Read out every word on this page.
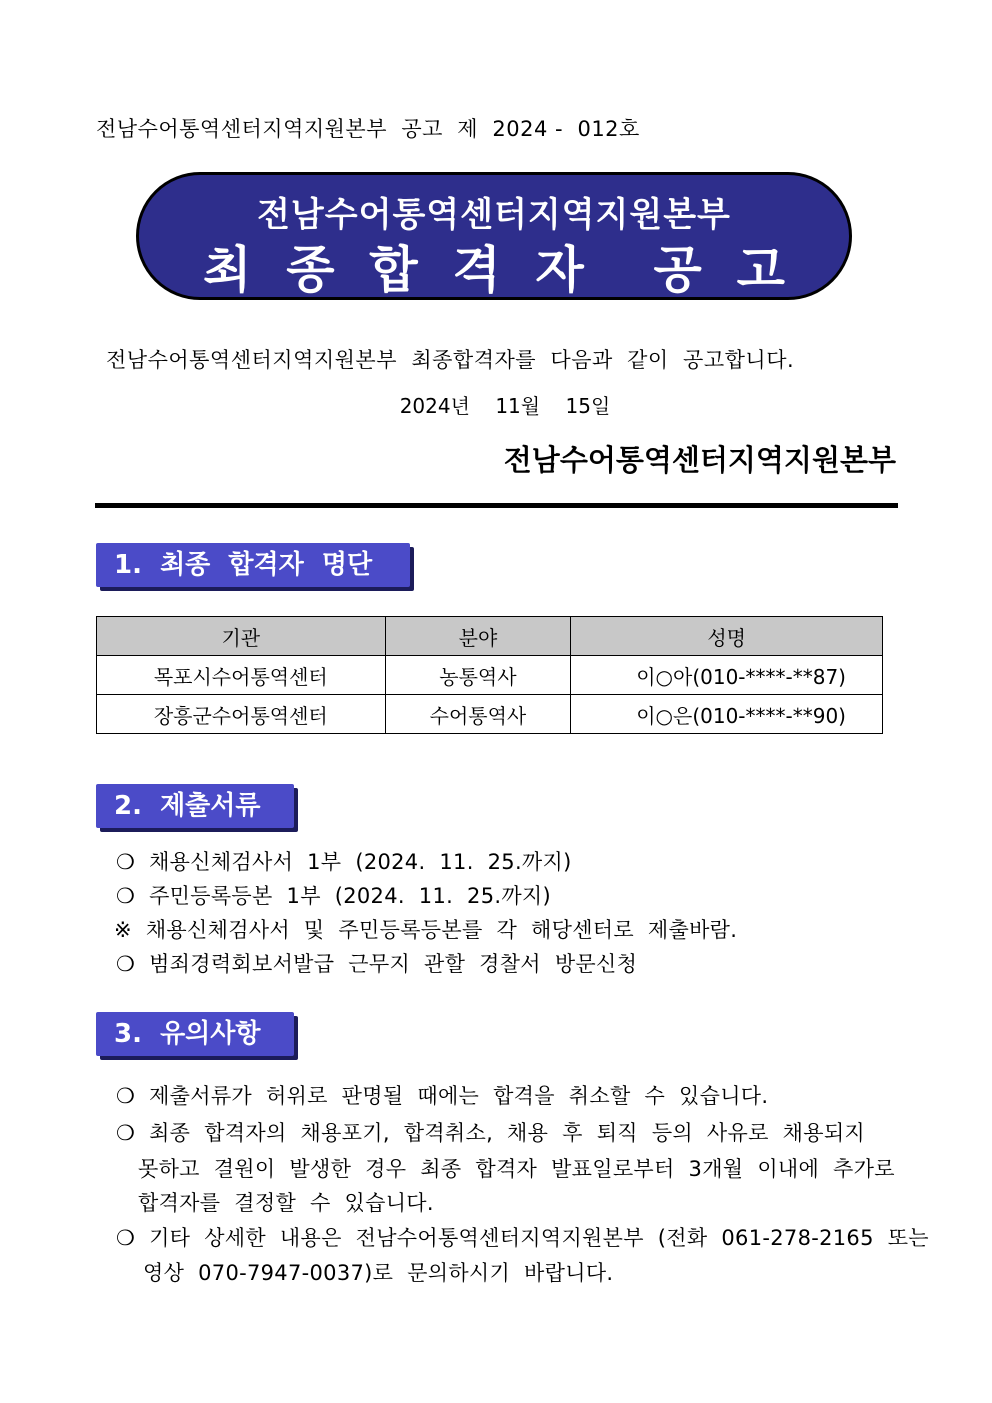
전남수어통역센터지역지원본부  공고  제  2024 -  012호
전남수어통역센터지역지원본부
최  종  합  격  자    공  고
전남수어통역센터지역지원본부  최종합격자를  다음과  같이  공고합니다.
2024년    11월    15일
전남수어통역센터지역지원본부
1.  최종  합격자  명단
기관	분야	성명
목포시수어통역센터	농통역사	이○아(010-****-**87)
장흥군수어통역센터	수어통역사	이○은(010-****-**90)
2.  제출서류
❍  채용신체검사서  1부  (2024.  11.  25.까지)
❍  주민등록등본  1부  (2024.  11.  25.까지)
※  채용신체검사서  및  주민등록등본를  각  해당센터로  제출바람.
❍  범죄경력회보서발급  근무지  관할  경찰서  방문신청
3.  유의사항
❍  제출서류가  허위로  판명될  때에는  합격을  취소할  수  있습니다.
❍  최종  합격자의  채용포기,  합격취소,  채용  후  퇴직  등의  사유로  채용되지
못하고  결원이  발생한  경우  최종  합격자  발표일로부터  3개월  이내에  추가로
합격자를  결정할  수  있습니다.
❍  기타  상세한  내용은  전남수어통역센터지역지원본부  (전화  061-278-2165  또는
영상  070-7947-0037)로  문의하시기  바랍니다.
